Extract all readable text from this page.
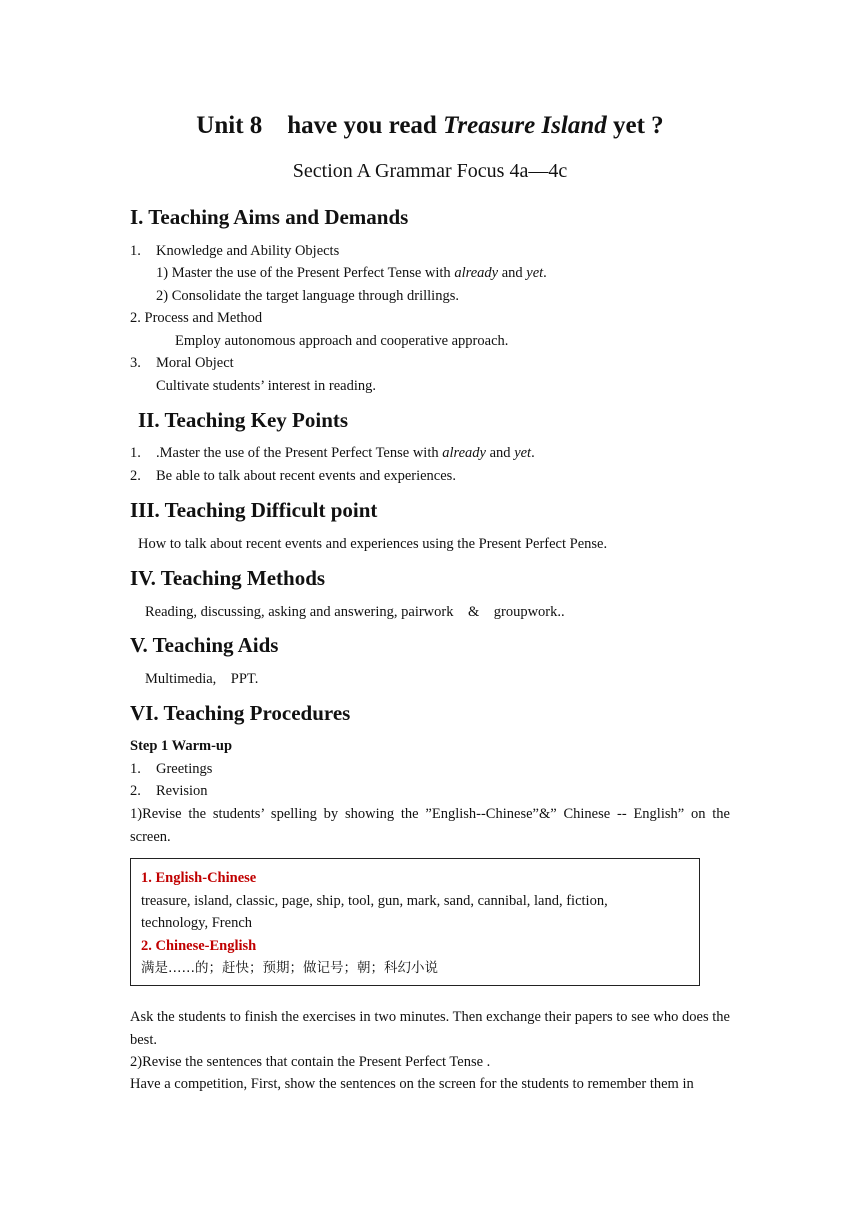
Unit 8    have you read Treasure Island yet ?
Section A Grammar Focus 4a—4c
I. Teaching Aims and Demands
1. Knowledge and Ability Objects
1) Master the use of the Present Perfect Tense with already and yet.
2) Consolidate the target language through drillings.
2. Process and Method
Employ autonomous approach and cooperative approach.
3. Moral Object
Cultivate students’ interest in reading.
II. Teaching Key Points
1. .Master the use of the Present Perfect Tense with already and yet.
2. Be able to talk about recent events and experiences.
III. Teaching Difficult point
How to talk about recent events and experiences using the Present Perfect Pense.
IV. Teaching Methods
Reading, discussing, asking and answering, pairwork    &    groupwork..
V. Teaching Aids
Multimedia,    PPT.
VI. Teaching Procedures
Step 1 Warm-up
1. Greetings
2. Revision
1)Revise the students’ spelling by showing the ”English--Chinese”&” Chinese -- English” on the screen.
1. English-Chinese
treasure, island, classic, page, ship, tool, gun, mark, sand, cannibal, land, fiction,
technology, French
2. Chinese-English
满是……的；赶快；预期；做记号；朝；科幻小说
Ask the students to finish the exercises in two minutes. Then exchange their papers to see who does the best.
2)Revise the sentences that contain the Present Perfect Tense .
Have a competition, First, show the sentences on the screen for the students to remember them in
